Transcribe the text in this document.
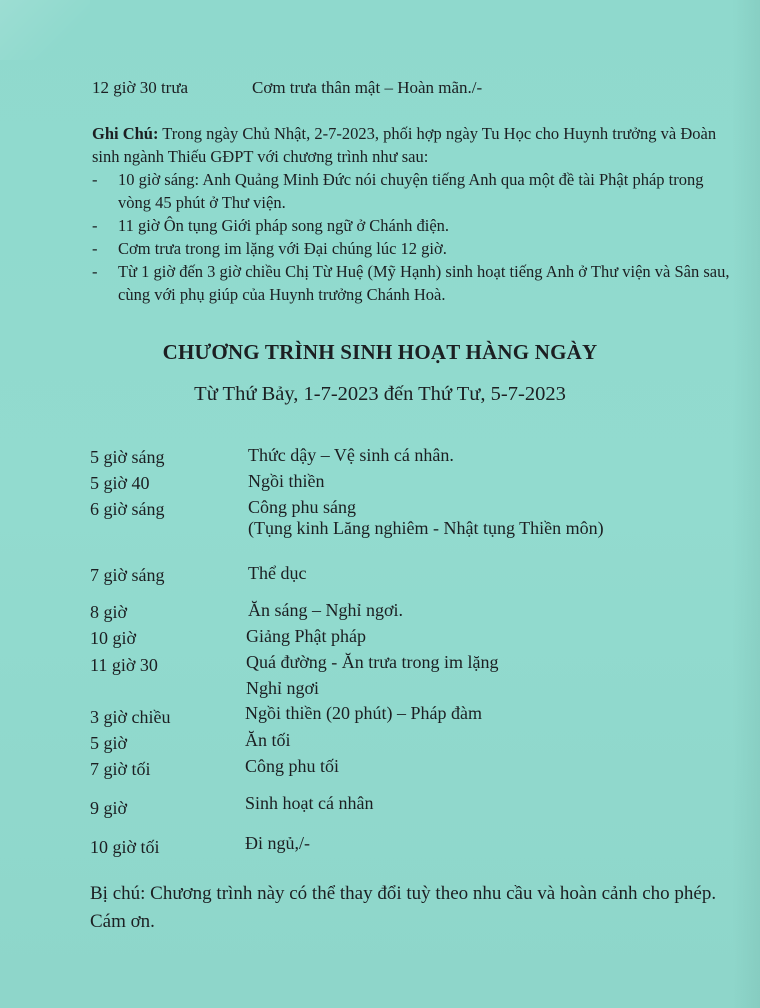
12 giờ 30 trưa	Cơm trưa thân mật – Hoàn mãn./-
Ghi Chú: Trong ngày Chủ Nhật, 2-7-2023, phối hợp ngày Tu Học cho Huynh trưởng và Đoàn sinh ngành Thiếu GĐPT với chương trình như sau:
- 10 giờ sáng: Anh Quảng Minh Đức nói chuyện tiếng Anh qua một đề tài Phật pháp trong vòng 45 phút ở Thư viện.
- 11 giờ Ôn tụng Giới pháp song ngữ ở Chánh điện.
- Cơm trưa trong im lặng với Đại chúng lúc 12 giờ.
- Từ 1 giờ đến 3 giờ chiều Chị Từ Huệ (Mỹ Hạnh) sinh hoạt tiếng Anh ở Thư viện và Sân sau, cùng với phụ giúp của Huynh trưởng Chánh Hoà.
CHƯƠNG TRÌNH SINH HOẠT HÀNG NGÀY
Từ Thứ Bảy, 1-7-2023 đến Thứ Tư, 5-7-2023
5 giờ sáng	Thức dậy – Vệ sinh cá nhân.
5 giờ 40	Ngồi thiền
6 giờ sáng	Công phu sáng
(Tụng kinh Lăng nghiêm - Nhật tụng Thiền môn)
7 giờ sáng	Thể dục
8 giờ	Ăn sáng – Nghỉ ngơi.
10 giờ	Giảng Phật pháp
11 giờ 30	Quá đường - Ăn trưa trong im lặng
Nghỉ ngơi
3 giờ chiều	Ngồi thiền (20 phút) – Pháp đàm
5 giờ	Ăn tối
7 giờ tối	Công phu tối
9 giờ	Sinh hoạt cá nhân
10 giờ tối	Đi ngủ,/-
Bị chú: Chương trình này có thể thay đổi tuỳ theo nhu cầu và hoàn cảnh cho phép. Cám ơn.
